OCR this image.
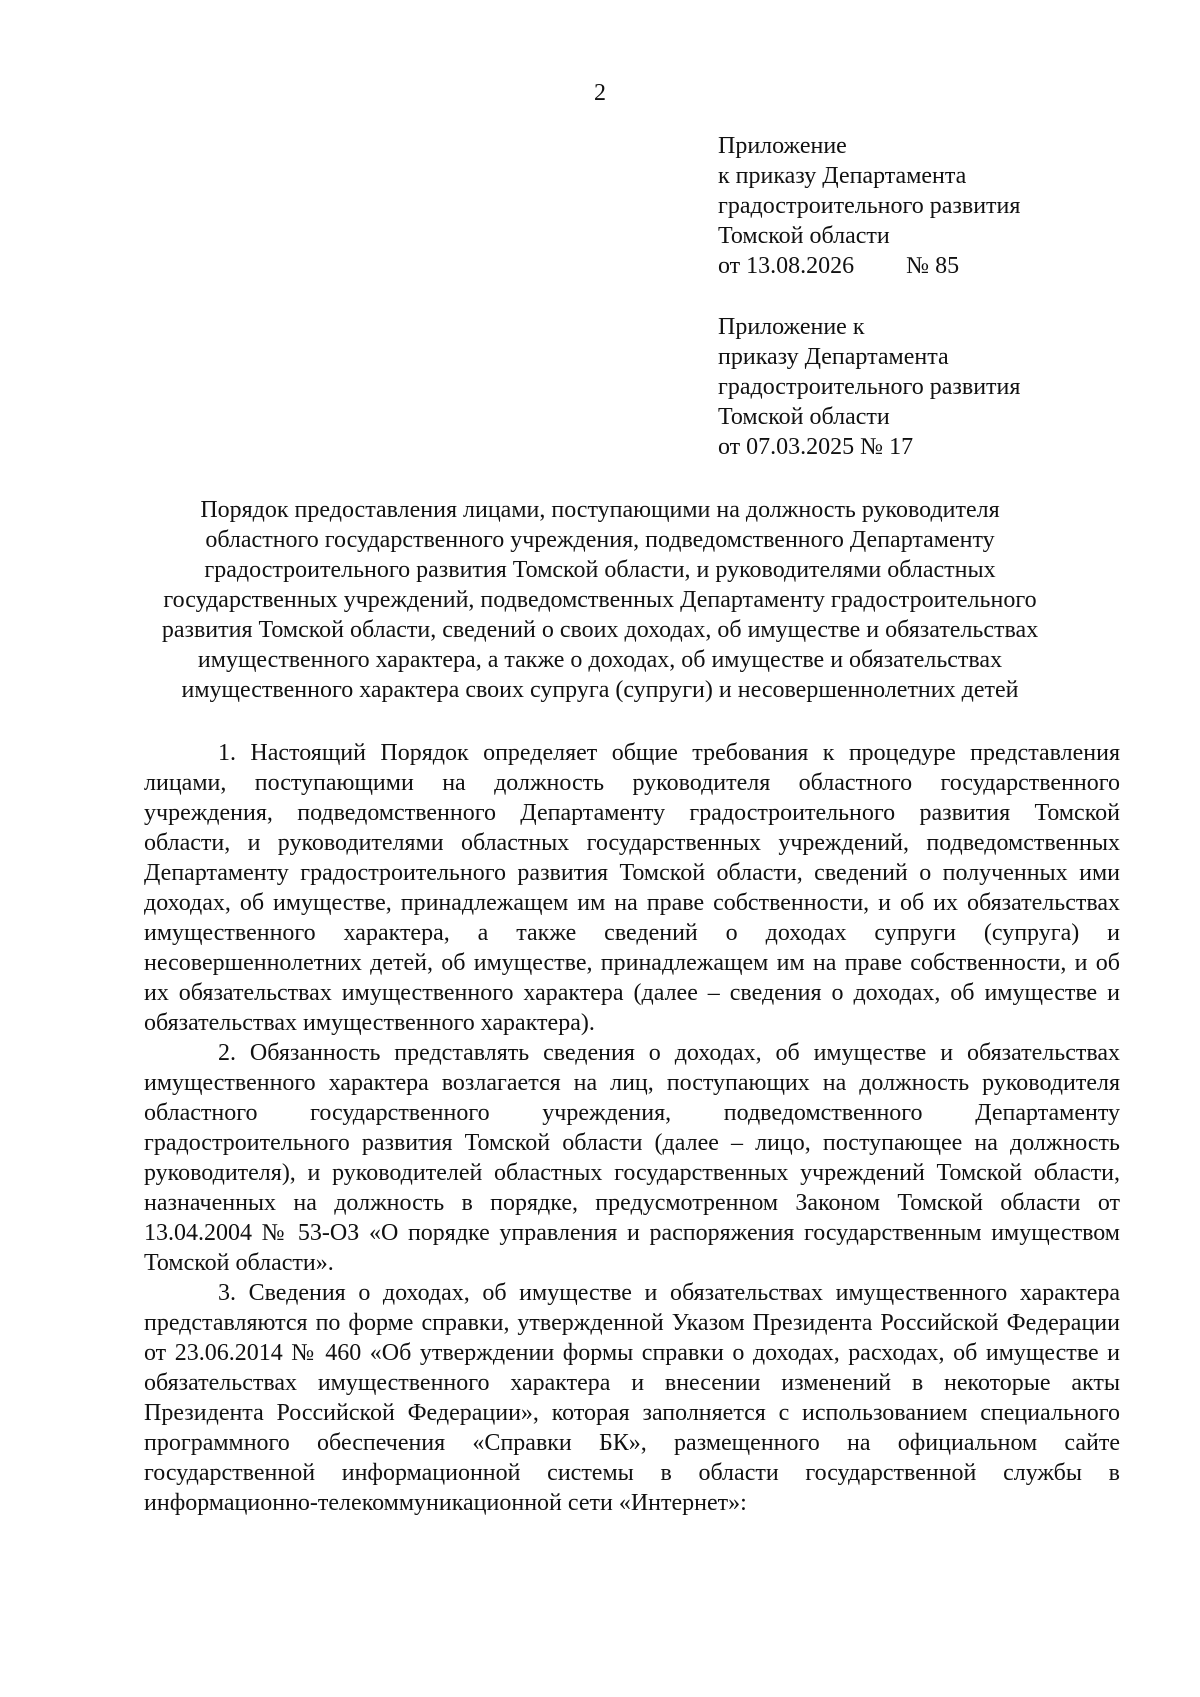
2
Приложение
к приказу Департамента
градостроительного развития
Томской области
от 13.08.2026 № 85
Приложение к
приказу Департамента
градостроительного развития
Томской области
от 07.03.2025 № 17
Порядок предоставления лицами, поступающими на должность руководителя
областного государственного учреждения, подведомственного Департаменту
градостроительного развития Томской области, и руководителями областных
государственных учреждений, подведомственных Департаменту градостроительного
развития Томской области, сведений о своих доходах, об имуществе и обязательствах
имущественного характера, а также о доходах, об имуществе и обязательствах
имущественного характера своих супруга (супруги) и несовершеннолетних детей

1. Настоящий Порядок определяет общие требования к процедуре представления лицами, поступающими на должность руководителя областного государственного учреждения, подведомственного Департаменту градостроительного развития Томской области, и руководителями областных государственных учреждений, подведомственных Департаменту градостроительного развития Томской области, сведений о полученных ими доходах, об имуществе, принадлежащем им на праве собственности, и об их обязательствах имущественного характера, а также сведений о доходах супруги (супруга) и несовершеннолетних детей, об имуществе, принадлежащем им на праве собственности, и об их обязательствах имущественного характера (далее – сведения о доходах, об имуществе и обязательствах имущественного характера).

2. Обязанность представлять сведения о доходах, об имуществе и обязательствах имущественного характера возлагается на лиц, поступающих на должность руководителя областного государственного учреждения, подведомственного Департаменту градостроительного развития Томской области (далее – лицо, поступающее на должность руководителя), и руководителей областных государственных учреждений Томской области, назначенных на должность в порядке, предусмотренном Законом Томской области от 13.04.2004 № 53-ОЗ «О порядке управления и распоряжения государственным имуществом Томской области».

3. Сведения о доходах, об имуществе и обязательствах имущественного характера представляются по форме справки, утвержденной Указом Президента Российской Федерации от 23.06.2014 № 460 «Об утверждении формы справки о доходах, расходах, об имуществе и обязательствах имущественного характера и внесении изменений в некоторые акты Президента Российской Федерации», которая заполняется с использованием специального программного обеспечения «Справки БК», размещенного на официальном сайте государственной информационной системы в области государственной службы в информационно-телекоммуникационной сети «Интернет»:
